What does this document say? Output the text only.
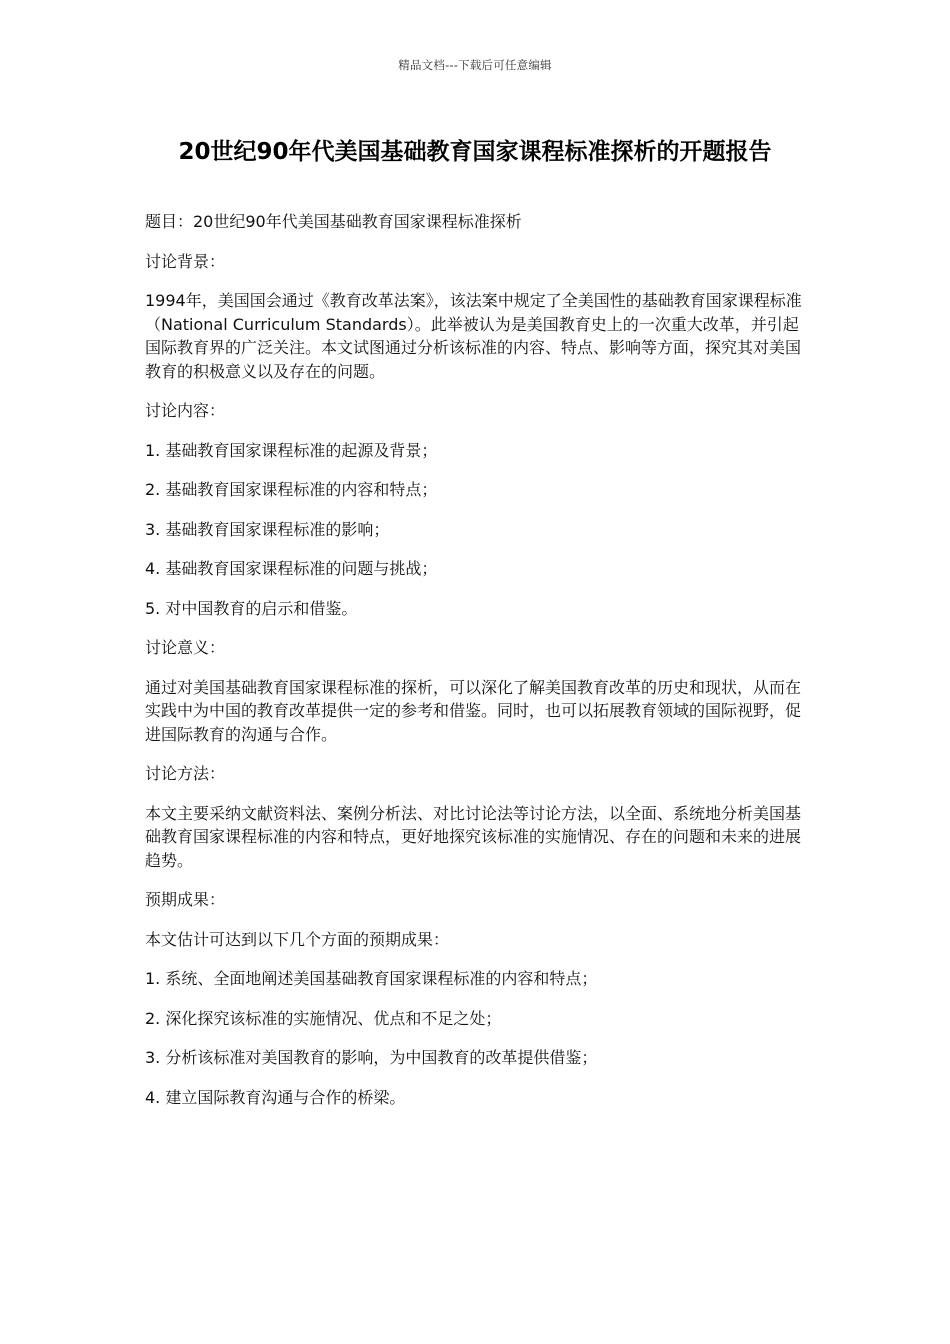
精品文档---下载后可任意编辑
20世纪90年代美国基础教育国家课程标准探析的开题报告

题目：20世纪90年代美国基础教育国家课程标准探析

讨论背景：

1994年，美国国会通过《教育改革法案》，该法案中规定了全美国性的基础教育国家课程标准（National Curriculum Standards）。此举被认为是美国教育史上的一次重大改革，并引起国际教育界的广泛关注。本文试图通过分析该标准的内容、特点、影响等方面，探究其对美国教育的积极意义以及存在的问题。

讨论内容：

1. 基础教育国家课程标准的起源及背景；

2. 基础教育国家课程标准的内容和特点；

3. 基础教育国家课程标准的影响；

4. 基础教育国家课程标准的问题与挑战；

5. 对中国教育的启示和借鉴。

讨论意义：

通过对美国基础教育国家课程标准的探析，可以深化了解美国教育改革的历史和现状，从而在实践中为中国的教育改革提供一定的参考和借鉴。同时，也可以拓展教育领域的国际视野，促进国际教育的沟通与合作。

讨论方法：

本文主要采纳文献资料法、案例分析法、对比讨论法等讨论方法，以全面、系统地分析美国基础教育国家课程标准的内容和特点，更好地探究该标准的实施情况、存在的问题和未来的进展趋势。

预期成果：

本文估计可达到以下几个方面的预期成果：

1. 系统、全面地阐述美国基础教育国家课程标准的内容和特点；

2. 深化探究该标准的实施情况、优点和不足之处；

3. 分析该标准对美国教育的影响，为中国教育的改革提供借鉴；

4. 建立国际教育沟通与合作的桥梁。
